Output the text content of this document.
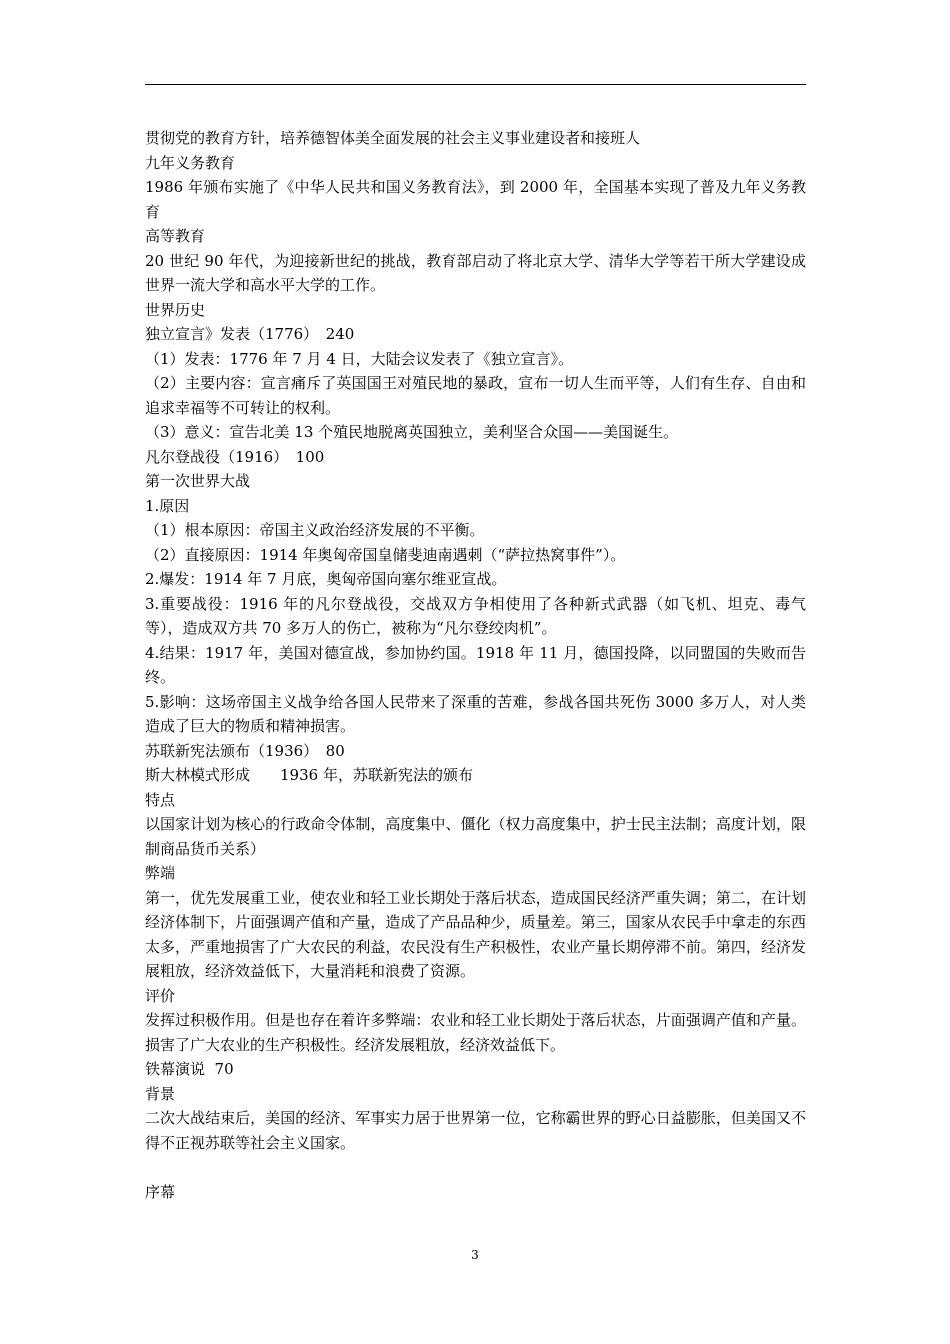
贯彻党的教育方针，培养德智体美全面发展的社会主义事业建设者和接班人
九年义务教育
1986 年颁布实施了《中华人民共和国义务教育法》，到 2000 年，全国基本实现了普及九年义务教育
高等教育
20 世纪 90 年代，为迎接新世纪的挑战，教育部启动了将北京大学、清华大学等若干所大学建设成世界一流大学和高水平大学的工作。
世界历史
独立宣言》发表（1776）　240
（1）发表：1776 年 7 月 4 日，大陆会议发表了《独立宣言》。
（2）主要内容：宣言痛斥了英国国王对殖民地的暴政，宣布一切人生而平等，人们有生存、自由和追求幸福等不可转让的权利。
（3）意义：宣告北美 13 个殖民地脱离英国独立，美利坚合众国——美国诞生。
凡尔登战役（1916）　100
第一次世界大战
1.原因
（1）根本原因：帝国主义政治经济发展的不平衡。
（2）直接原因：1914 年奥匈帝国皇储斐迪南遇刺（“萨拉热窝事件”）。
2.爆发：1914 年 7 月底，奥匈帝国向塞尔维亚宣战。
3.重要战役：1916 年的凡尔登战役，交战双方争相使用了各种新式武器（如飞机、坦克、毒气等），造成双方共 70 多万人的伤亡，被称为“凡尔登绞肉机”。
4.结果：1917 年，美国对德宣战，参加协约国。1918 年 11 月，德国投降，以同盟国的失败而告终。
5.影响：这场帝国主义战争给各国人民带来了深重的苦难，参战各国共死伤 3000 多万人，对人类造成了巨大的物质和精神损害。
苏联新宪法颁布（1936）　80
斯大林模式形成　　1936 年，苏联新宪法的颁布
特点
以国家计划为核心的行政命令体制，高度集中、僵化（权力高度集中，护士民主法制；高度计划，限制商品货币关系）
弊端
第一，优先发展重工业，使农业和轻工业长期处于落后状态，造成国民经济严重失调；第二，在计划经济体制下，片面强调产值和产量，造成了产品品种少，质量差。第三，国家从农民手中拿走的东西太多，严重地损害了广大农民的利益，农民没有生产积极性，农业产量长期停滞不前。第四，经济发展粗放，经济效益低下，大量消耗和浪费了资源。
评价
发挥过积极作用。但是也存在着许多弊端：农业和轻工业长期处于落后状态，片面强调产值和产量。损害了广大农业的生产积极性。经济发展粗放，经济效益低下。
铁幕演说  70
背景
二次大战结束后，美国的经济、军事实力居于世界第一位，它称霸世界的野心日益膨胀，但美国又不得不正视苏联等社会主义国家。
序幕
3
